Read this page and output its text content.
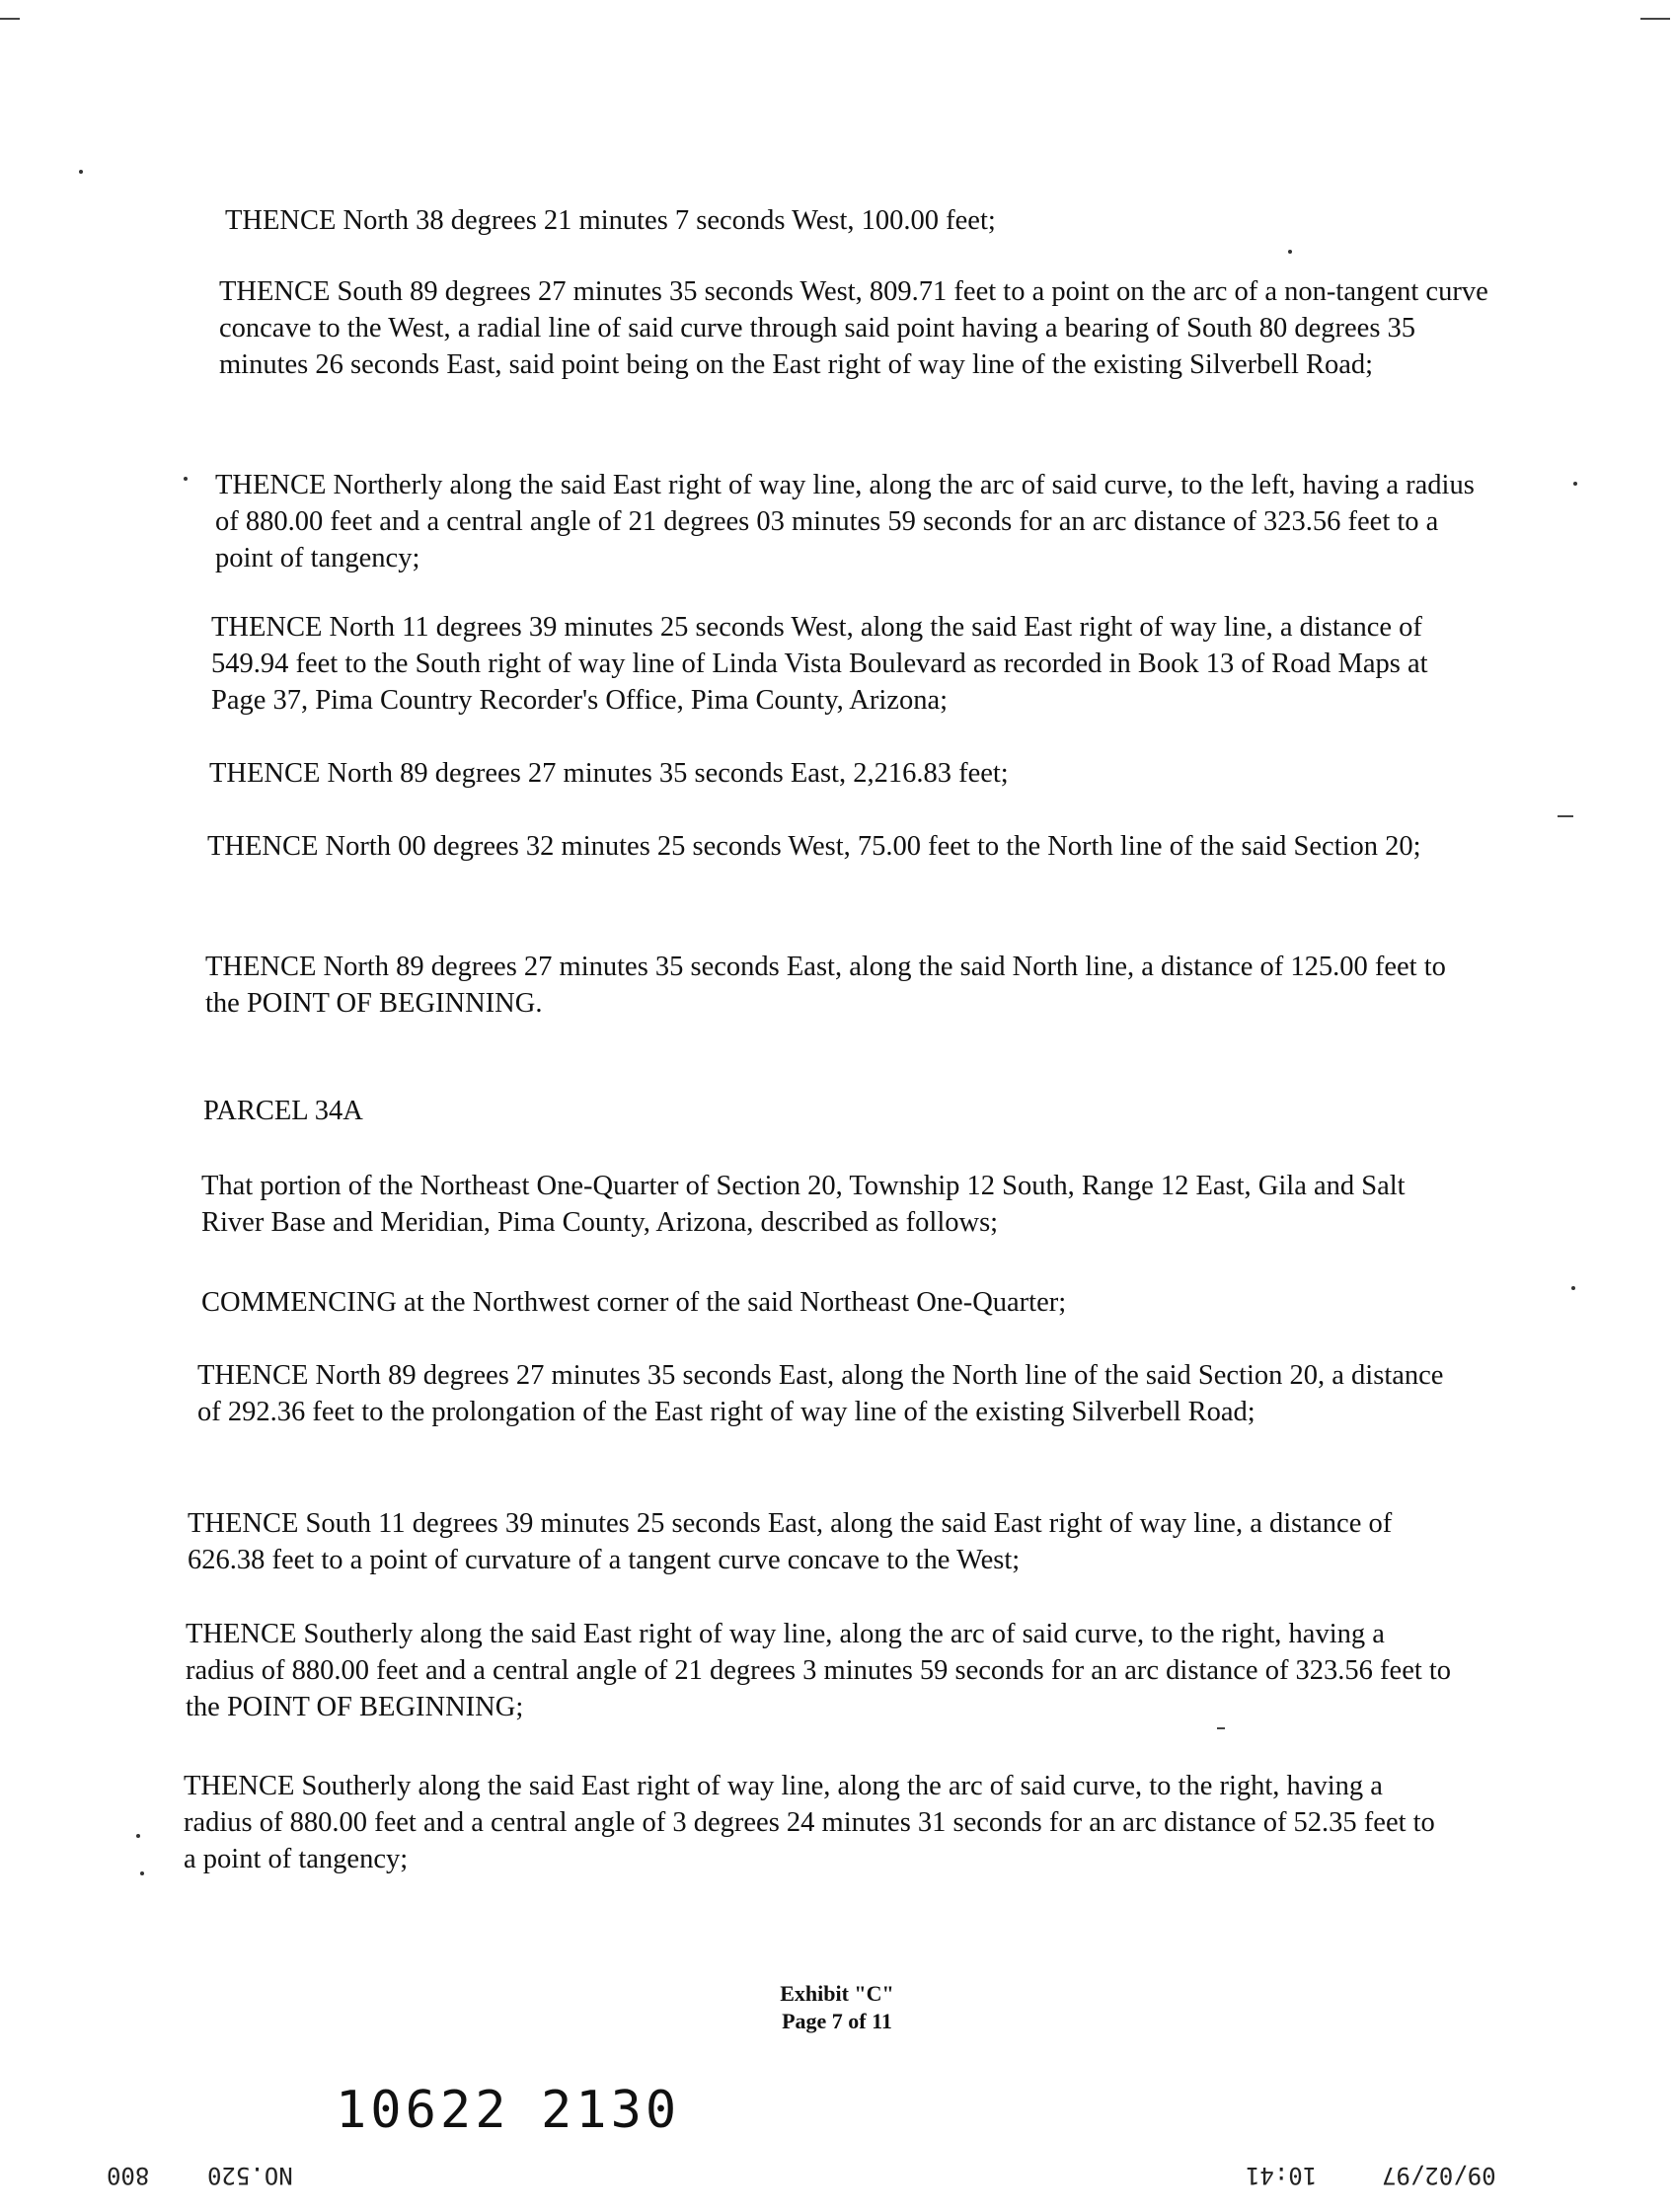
THENCE North 38 degrees 21 minutes 7 seconds West, 100.00 feet;

THENCE South 89 degrees 27 minutes 35 seconds West, 809.71 feet to a point on the arc of a non-tangent curve concave to the West, a radial line of said curve through said point having a bearing of South 80 degrees 35 minutes 26 seconds East, said point being on the East right of way line of the existing Silverbell Road;

THENCE Northerly along the said East right of way line, along the arc of said curve, to the left, having a radius of 880.00 feet and a central angle of 21 degrees 03 minutes 59 seconds for an arc distance of 323.56 feet to a point of tangency;

THENCE North 11 degrees 39 minutes 25 seconds West, along the said East right of way line, a distance of 549.94 feet to the South right of way line of Linda Vista Boulevard as recorded in Book 13 of Road Maps at Page 37, Pima Country Recorder's Office, Pima County, Arizona;

THENCE North 89 degrees 27 minutes 35 seconds East, 2,216.83 feet;

THENCE North 00 degrees 32 minutes 25 seconds West, 75.00 feet to the North line of the said Section 20;

THENCE North 89 degrees 27 minutes 35 seconds East, along the said North line, a distance of 125.00 feet to the POINT OF BEGINNING.

PARCEL 34A

That portion of the Northeast One-Quarter of Section 20, Township 12 South, Range 12 East, Gila and Salt River Base and Meridian, Pima County, Arizona, described as follows;

COMMENCING at the Northwest corner of the said Northeast One-Quarter;

THENCE North 89 degrees 27 minutes 35 seconds East, along the North line of the said Section 20, a distance of 292.36 feet to the prolongation of the East right of way line of the existing Silverbell Road;

THENCE South 11 degrees 39 minutes 25 seconds East, along the said East right of way line, a distance of 626.38 feet to a point of curvature of a tangent curve concave to the West;

THENCE Southerly along the said East right of way line, along the arc of said curve, to the right, having a radius of 880.00 feet and a central angle of 21 degrees 3 minutes 59 seconds for an arc distance of 323.56 feet to the POINT OF BEGINNING;

THENCE Southerly along the said East right of way line, along the arc of said curve, to the right, having a radius of 880.00 feet and a central angle of 3 degrees 24 minutes 31 seconds for an arc distance of 52.35 feet to a point of tangency;

Exhibit "C"
Page 7 of 11
10622 2130
800 NO.520	10:41	09/02/97
